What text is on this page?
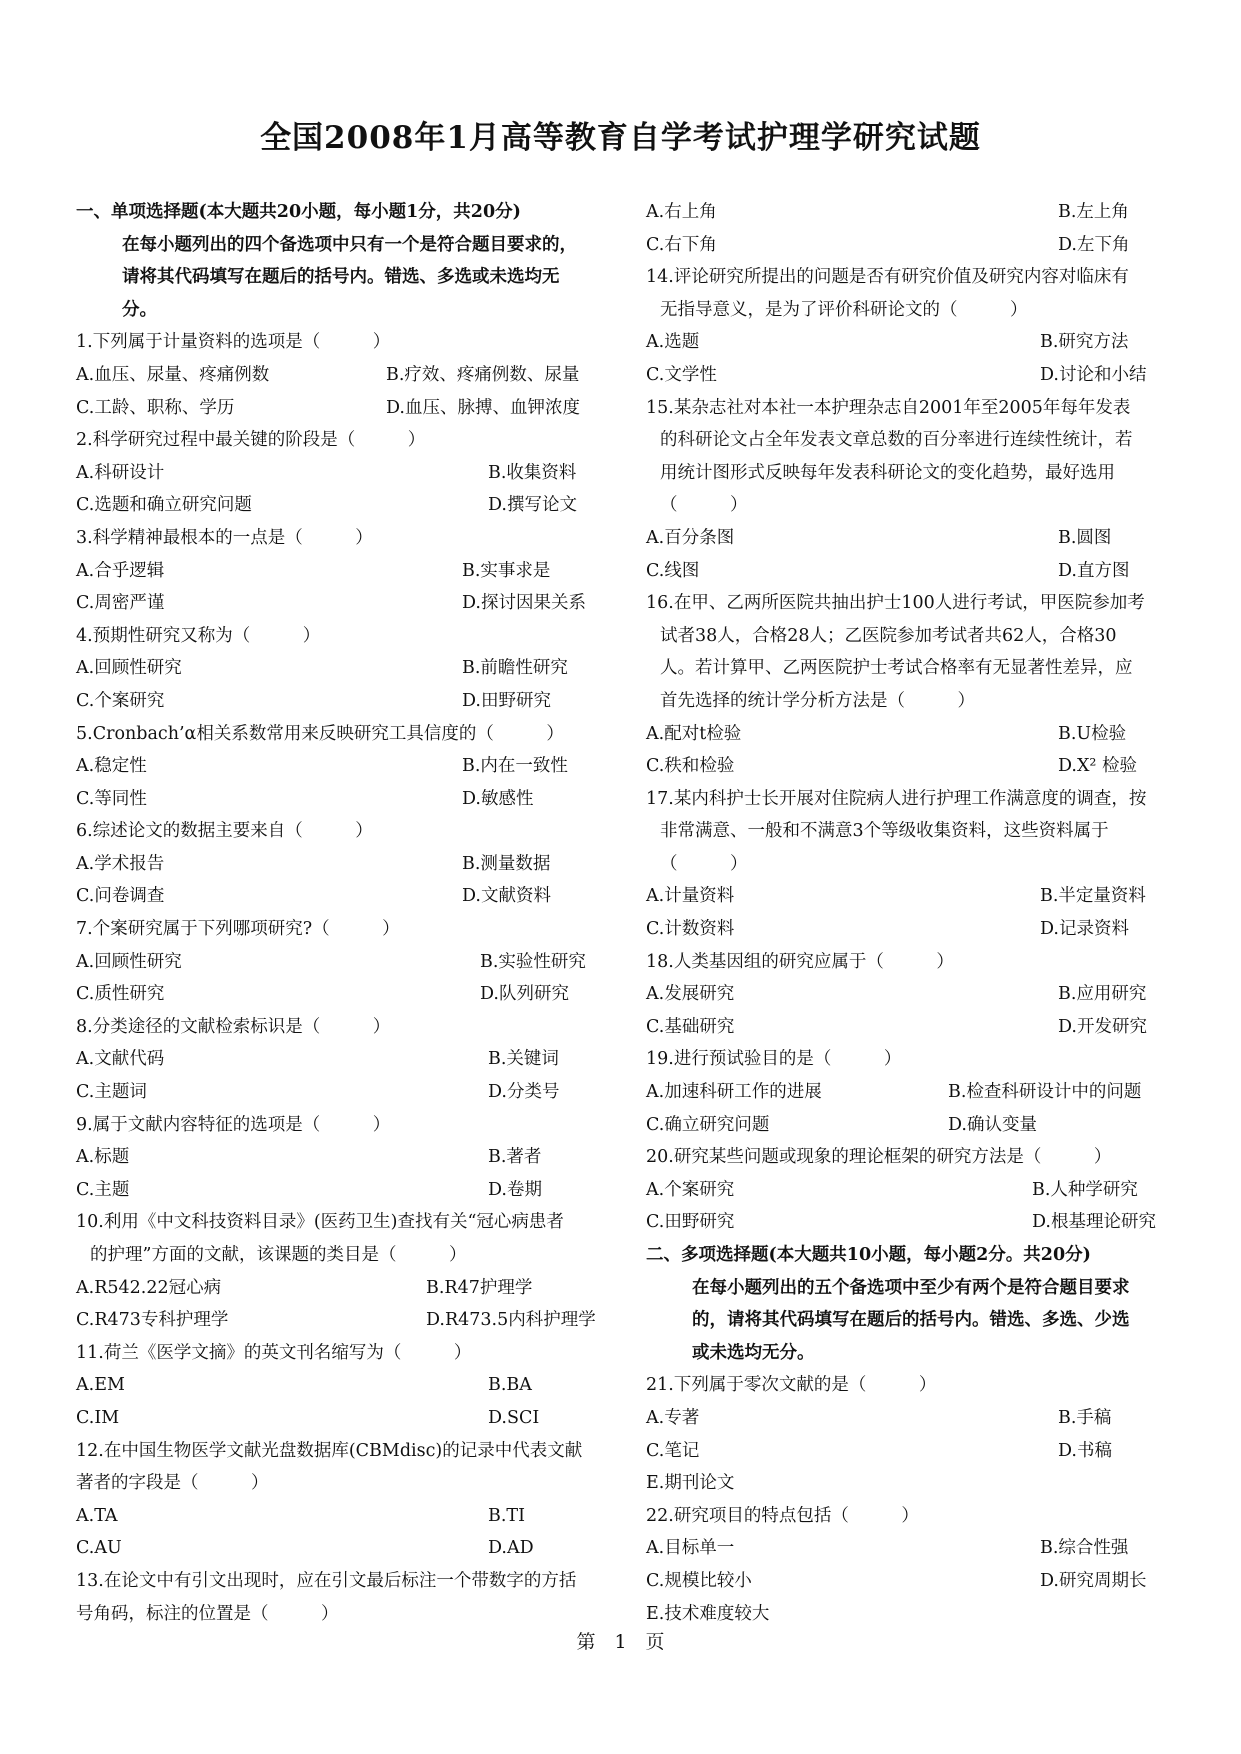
全国2008年1月高等教育自学考试护理学研究试题
一、单项选择题(本大题共20小题，每小题1分，共20分)
在每小题列出的四个备选项中只有一个是符合题目要求的，
请将其代码填写在题后的括号内。错选、多选或未选均无
分。
1.下列属于计量资料的选项是（　　　）
A.血压、尿量、疼痛例数	B.疗效、疼痛例数、尿量
C.工龄、职称、学历	D.血压、脉搏、血钾浓度
2.科学研究过程中最关键的阶段是（　　　）
A.科研设计	B.收集资料
C.选题和确立研究问题	D.撰写论文
3.科学精神最根本的一点是（　　　）
A.合乎逻辑	B.实事求是
C.周密严谨	D.探讨因果关系
4.预期性研究又称为（　　　）
A.回顾性研究	B.前瞻性研究
C.个案研究	D.田野研究
5.Cronbach’α相关系数常用来反映研究工具信度的（　　　）
A.稳定性	B.内在一致性
C.等同性	D.敏感性
6.综述论文的数据主要来自（　　　）
A.学术报告	B.测量数据
C.问卷调查	D.文献资料
7.个案研究属于下列哪项研究?（　　　）
A.回顾性研究	B.实验性研究
C.质性研究	D.队列研究
8.分类途径的文献检索标识是（　　　）
A.文献代码	B.关键词
C.主题词	D.分类号
9.属于文献内容特征的选项是（　　　）
A.标题	B.著者
C.主题	D.卷期
10.利用《中文科技资料目录》(医药卫生)查找有关“冠心病患者
的护理”方面的文献，该课题的类目是（　　　）
A.R542.22冠心病	B.R47护理学
C.R473专科护理学	D.R473.5内科护理学
11.荷兰《医学文摘》的英文刊名缩写为（　　　）
A.EM	B.BA
C.IM	D.SCI
12.在中国生物医学文献光盘数据库(CBMdisc)的记录中代表文献
著者的字段是（　　　）
A.TA	B.TI
C.AU	D.AD
13.在论文中有引文出现时，应在引文最后标注一个带数字的方括
号角码，标注的位置是（　　　）
A.右上角	B.左上角
C.右下角	D.左下角
14.评论研究所提出的问题是否有研究价值及研究内容对临床有
无指导意义，是为了评价科研论文的（　　　）
A.选题	B.研究方法
C.文学性	D.讨论和小结
15.某杂志社对本社一本护理杂志自2001年至2005年每年发表
的科研论文占全年发表文章总数的百分率进行连续性统计，若
用统计图形式反映每年发表科研论文的变化趋势，最好选用
（　　　）
A.百分条图	B.圆图
C.线图	D.直方图
16.在甲、乙两所医院共抽出护士100人进行考试，甲医院参加考
试者38人，合格28人；乙医院参加考试者共62人，合格30
人。若计算甲、乙两医院护士考试合格率有无显著性差异，应
首先选择的统计学分析方法是（　　　）
A.配对t检验	B.U检验
C.秩和检验	D.X² 检验
17.某内科护士长开展对住院病人进行护理工作满意度的调查，按
非常满意、一般和不满意3个等级收集资料，这些资料属于
（　　　）
A.计量资料	B.半定量资料
C.计数资料	D.记录资料
18.人类基因组的研究应属于（　　　）
A.发展研究	B.应用研究
C.基础研究	D.开发研究
19.进行预试验目的是（　　　）
A.加速科研工作的进展	B.检查科研设计中的问题
C.确立研究问题	D.确认变量
20.研究某些问题或现象的理论框架的研究方法是（　　　）
A.个案研究	B.人种学研究
C.田野研究	D.根基理论研究
二、多项选择题(本大题共10小题，每小题2分。共20分)
在每小题列出的五个备选项中至少有两个是符合题目要求
的，请将其代码填写在题后的括号内。错选、多选、少选
或未选均无分。
21.下列属于零次文献的是（　　　）
A.专著	B.手稿
C.笔记	D.书稿
E.期刊论文
22.研究项目的特点包括（　　　）
A.目标单一	B.综合性强
C.规模比较小	D.研究周期长
E.技术难度较大

第　1　页
